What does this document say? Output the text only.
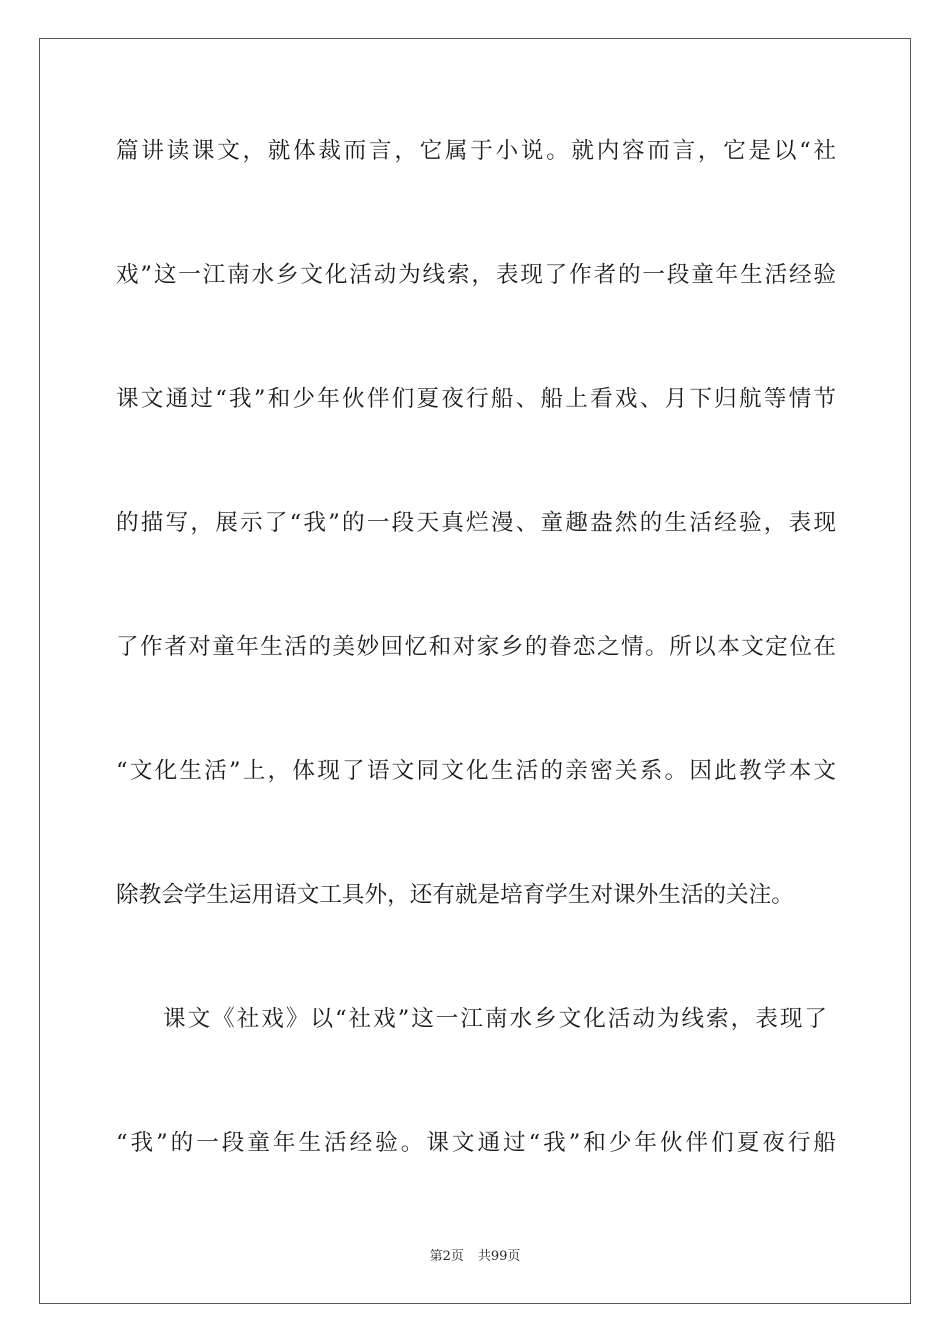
篇讲读课文，就体裁而言，它属于小说。就内容而言，它是以“社
戏”这一江南水乡文化活动为线索，表现了作者的一段童年生活经验
课文通过“我”和少年伙伴们夏夜行船、船上看戏、月下归航等情节
的描写，展示了“我”的一段天真烂漫、童趣盎然的生活经验，表现
了作者对童年生活的美妙回忆和对家乡的眷恋之情。所以本文定位在
“文化生活”上，体现了语文同文化生活的亲密关系。因此教学本文
除教会学生运用语文工具外，还有就是培育学生对课外生活的关注。
课文《社戏》以“社戏”这一江南水乡文化活动为线索，表现了
“我”的一段童年生活经验。课文通过“我”和少年伙伴们夏夜行船
第2页 共99页
